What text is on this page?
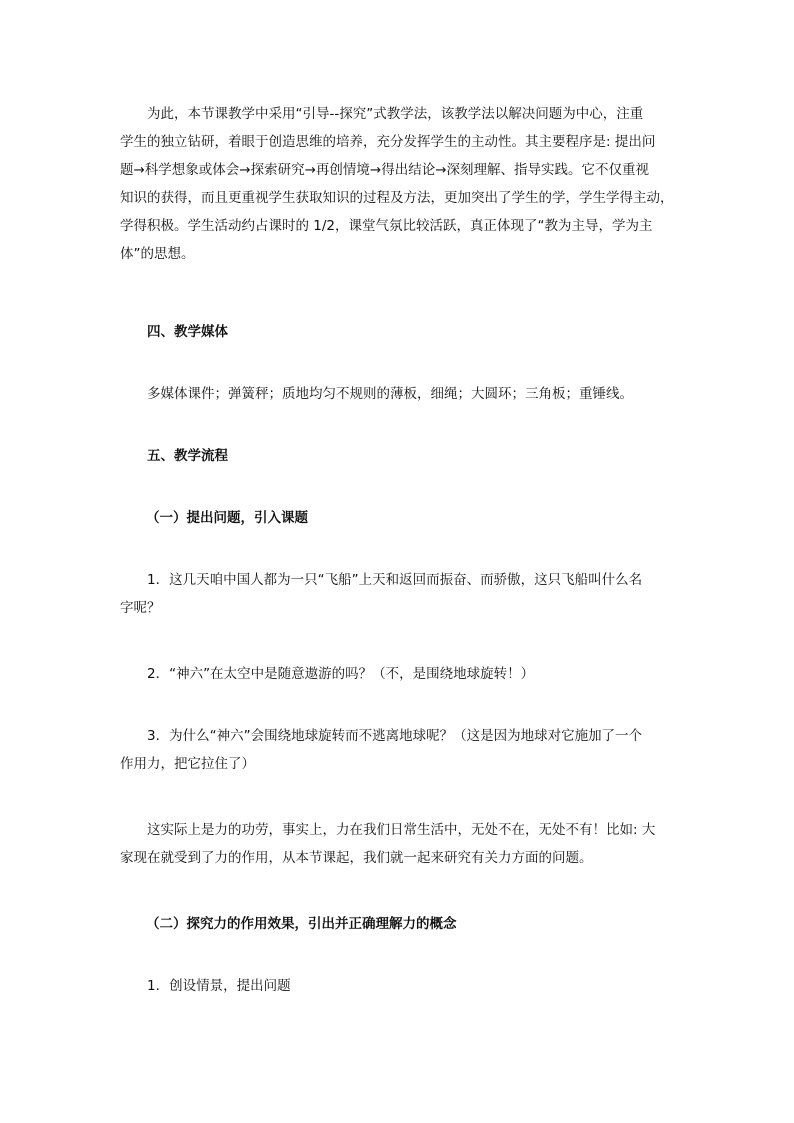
为此，本节课教学中采用“引导--探究”式教学法，该教学法以解决问题为中心，注重
学生的独立钻研，着眼于创造思维的培养，充分发挥学生的主动性。其主要程序是: 提出问
题→科学想象或体会→探索研究→再创情境→得出结论→深刻理解、指导实践。它不仅重视
知识的获得，而且更重视学生获取知识的过程及方法，更加突出了学生的学，学生学得主动，
学得积极。学生活动约占课时的 1/2，课堂气氛比较活跃，真正体现了“教为主导，学为主
体”的思想。
四、教学媒体
多媒体课件；弹簧秤；质地均匀不规则的薄板，细绳；大圆环；三角板；重锤线。
五、教学流程
（一）提出问题，引入课题
1．这几天咱中国人都为一只“飞船”上天和返回而振奋、而骄傲，这只飞船叫什么名
字呢？
2．“神六”在太空中是随意遨游的吗？（不，是围绕地球旋转！）
3．为什么“神六”会围绕地球旋转而不逃离地球呢？（这是因为地球对它施加了一个
作用力，把它拉住了）
这实际上是力的功劳，事实上，力在我们日常生活中，无处不在，无处不有！比如: 大
家现在就受到了力的作用，从本节课起，我们就一起来研究有关力方面的问题。
（二）探究力的作用效果，引出并正确理解力的概念
1．创设情景，提出问题
